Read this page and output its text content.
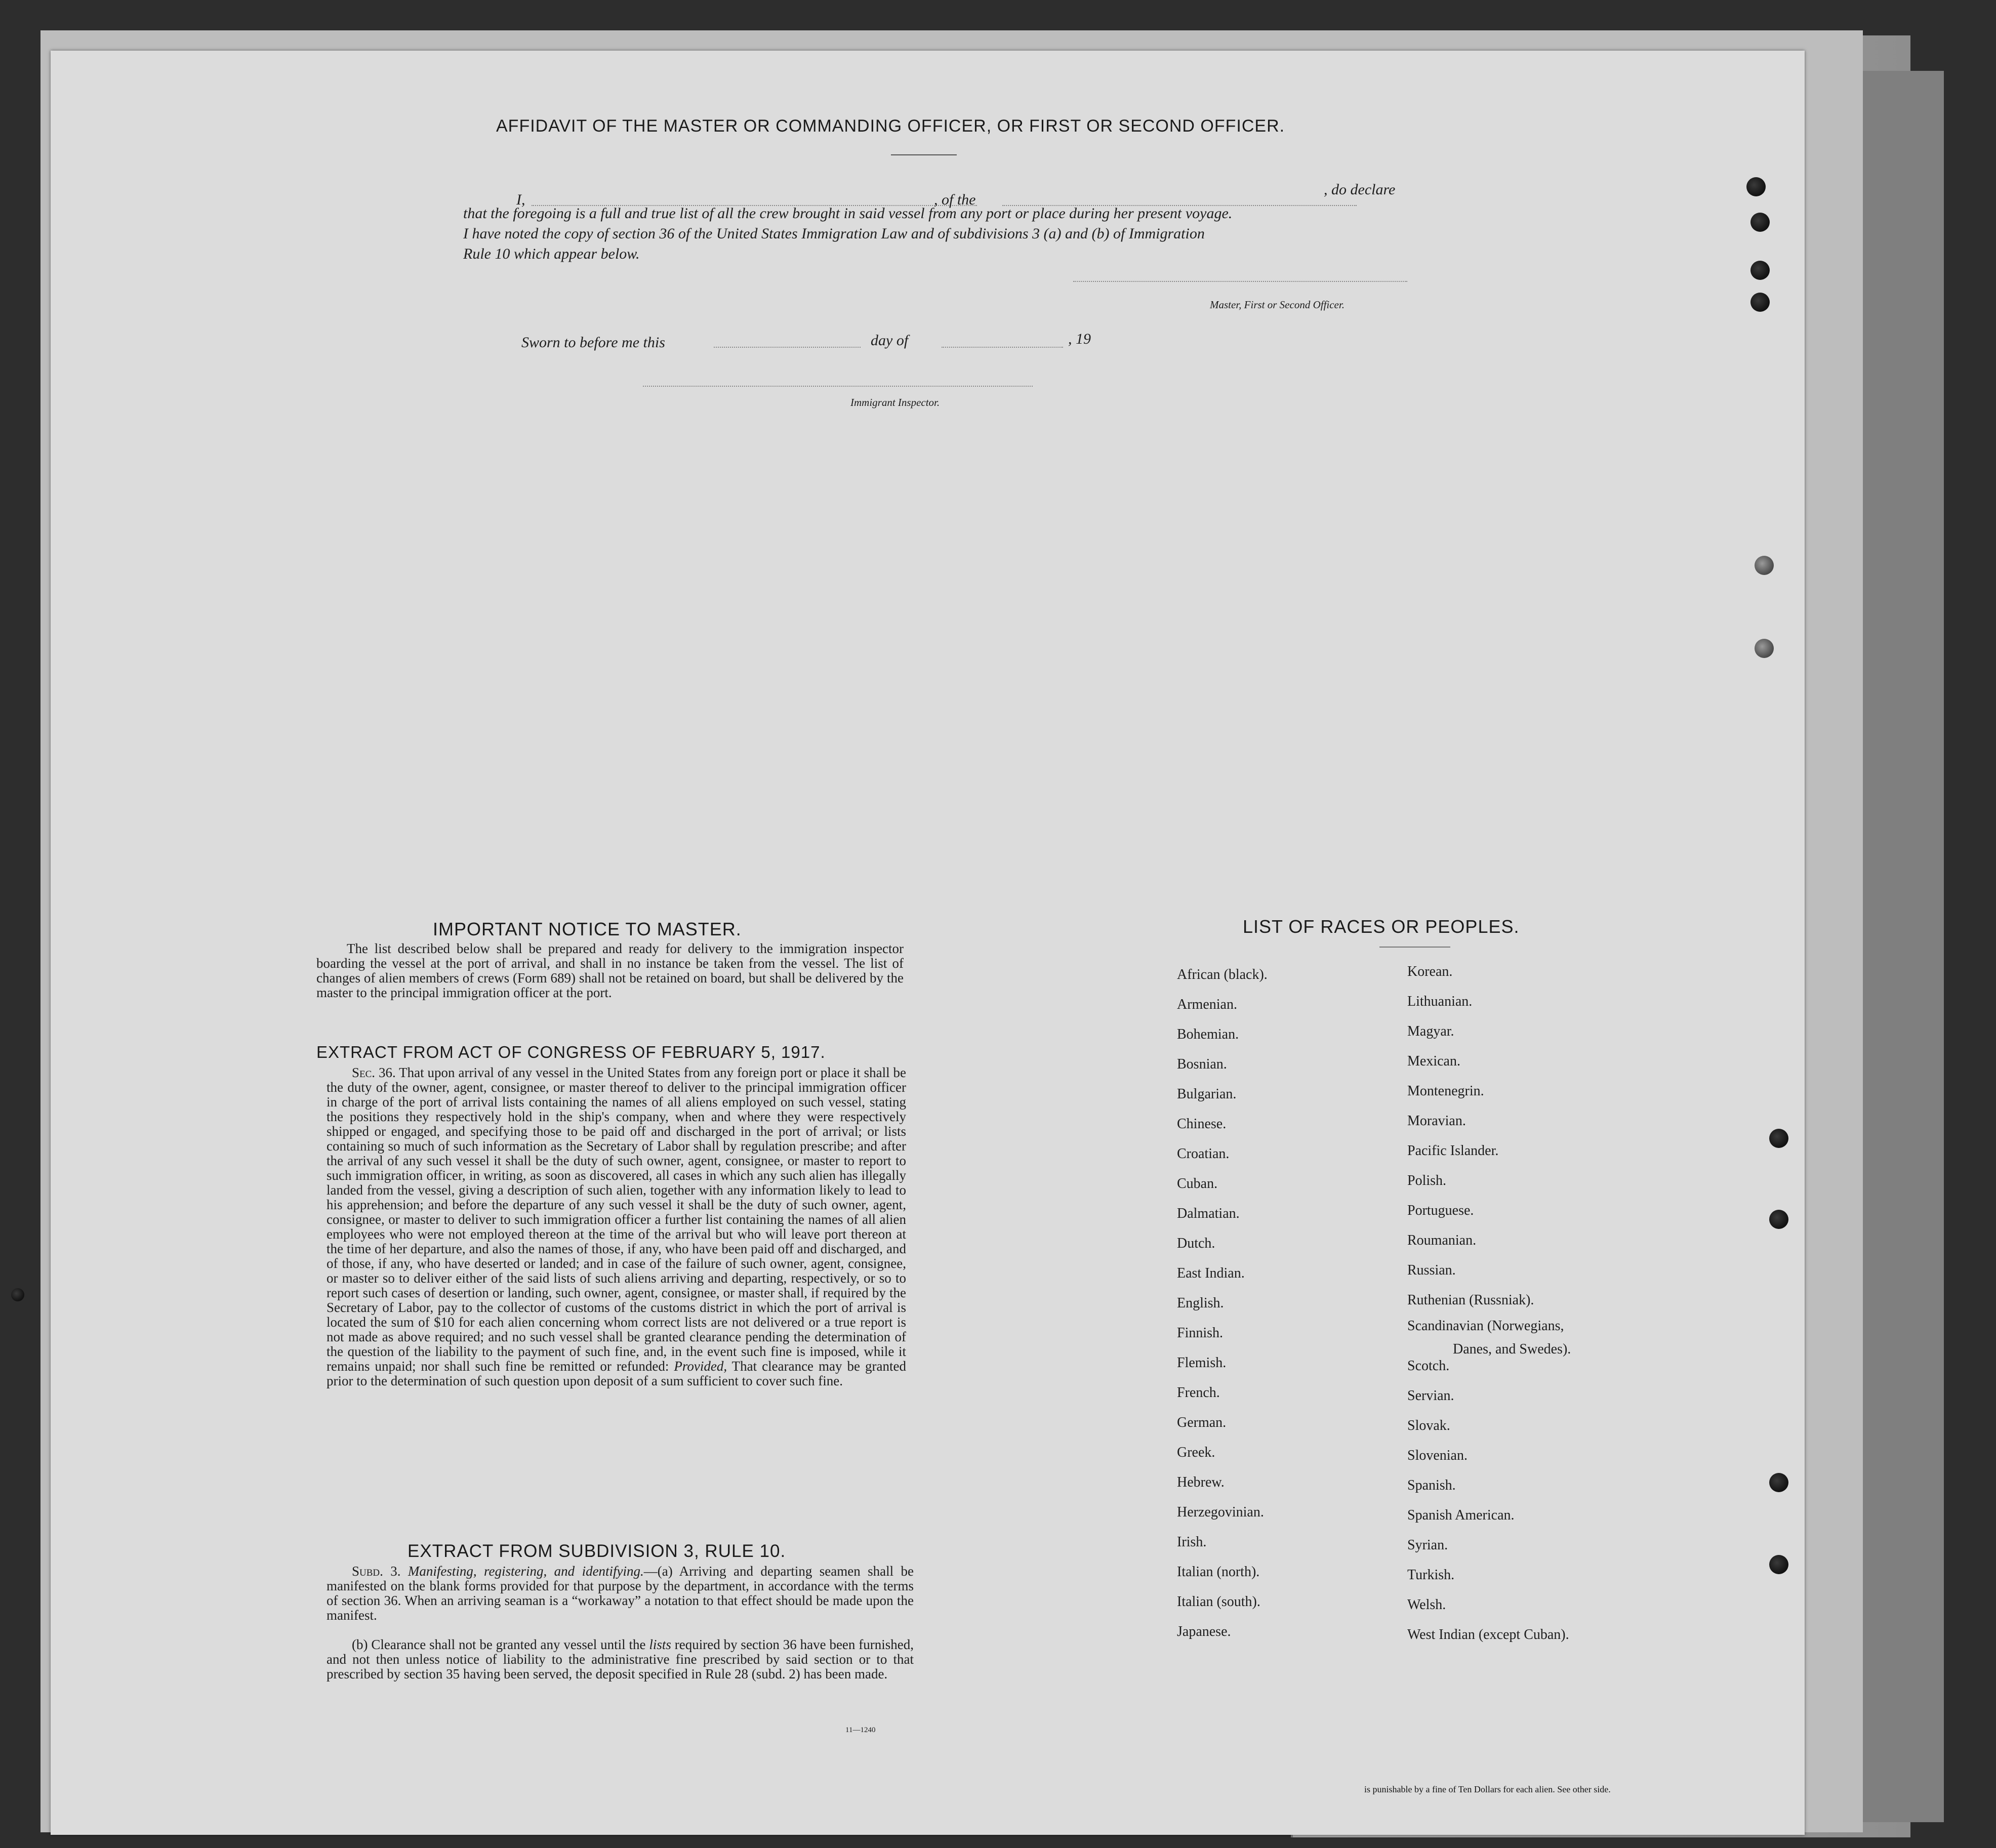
AFFIDAVIT OF THE MASTER OR COMMANDING OFFICER, OR FIRST OR SECOND OFFICER.
I,	, of the
, do declare
that the foregoing is a full and true list of all the crew brought in said vessel from any port or place during her present voyage.
I have noted the copy of section 36 of the United States Immigration Law and of subdivisions 3 (a) and (b) of Immigration
Rule 10 which appear below.
Master, First or Second Officer.
Sworn to before me this	day of	, 19
Immigrant Inspector.
IMPORTANT NOTICE TO MASTER.
The list described below shall be prepared and ready for delivery to the immigration inspector boarding the vessel at the port of arrival, and shall in no instance be taken from the vessel. The list of changes of alien members of crews (Form 689) shall not be retained on board, but shall be delivered by the master to the principal immigration officer at the port.
EXTRACT FROM ACT OF CONGRESS OF FEBRUARY 5, 1917.
Sec. 36. That upon arrival of any vessel in the United States from any foreign port or place it shall be the duty of the owner, agent, consignee, or master thereof to deliver to the principal immigration officer in charge of the port of arrival lists containing the names of all aliens employed on such vessel, stating the positions they respectively hold in the ship's company, when and where they were respectively shipped or engaged, and specifying those to be paid off and discharged in the port of arrival; or lists containing so much of such information as the Secretary of Labor shall by regulation prescribe; and after the arrival of any such vessel it shall be the duty of such owner, agent, consignee, or master to report to such immigration officer, in writing, as soon as discovered, all cases in which any such alien has illegally landed from the vessel, giving a description of such alien, together with any information likely to lead to his apprehension; and before the departure of any such vessel it shall be the duty of such owner, agent, consignee, or master to deliver to such immigration officer a further list containing the names of all alien employees who were not employed thereon at the time of the arrival but who will leave port thereon at the time of her departure, and also the names of those, if any, who have been paid off and discharged, and of those, if any, who have deserted or landed; and in case of the failure of such owner, agent, consignee, or master so to deliver either of the said lists of such aliens arriving and departing, respectively, or so to report such cases of desertion or landing, such owner, agent, consignee, or master shall, if required by the Secretary of Labor, pay to the collector of customs of the customs district in which the port of arrival is located the sum of $10 for each alien concerning whom correct lists are not delivered or a true report is not made as above required; and no such vessel shall be granted clearance pending the determination of the question of the liability to the payment of such fine, and, in the event such fine is imposed, while it remains unpaid; nor shall such fine be remitted or refunded: Provided, That clearance may be granted prior to the determination of such question upon deposit of a sum sufficient to cover such fine.
EXTRACT FROM SUBDIVISION 3, RULE 10.
Subd. 3. Manifesting, registering, and identifying.—(a) Arriving and departing seamen shall be manifested on the blank forms provided for that purpose by the department, in accordance with the terms of section 36. When an arriving seaman is a “workaway” a notation to that effect should be made upon the manifest.
(b) Clearance shall not be granted any vessel until the lists required by section 36 have been furnished, and not then unless notice of liability to the administrative fine prescribed by said section or to that prescribed by section 35 having been served, the deposit specified in Rule 28 (subd. 2) has been made.
11—1240
LIST OF RACES OR PEOPLES.
African (black).
Armenian.
Bohemian.
Bosnian.
Bulgarian.
Chinese.
Croatian.
Cuban.
Dalmatian.
Dutch.
East Indian.
English.
Finnish.
Flemish.
French.
German.
Greek.
Hebrew.
Herzegovinian.
Irish.
Italian (north).
Italian (south).
Japanese.
Korean.
Lithuanian.
Magyar.
Mexican.
Montenegrin.
Moravian.
Pacific Islander.
Polish.
Portuguese.
Roumanian.
Russian.
Ruthenian (Russniak).
Scandinavian (Norwegians,
Scotch.
Servian.
Slovak.
Slovenian.
Spanish.
Spanish American.
Syrian.
Turkish.
Welsh.
West Indian (except Cuban).
Danes, and Swedes).
is punishable by a fine of Ten Dollars for each alien. See other side.
